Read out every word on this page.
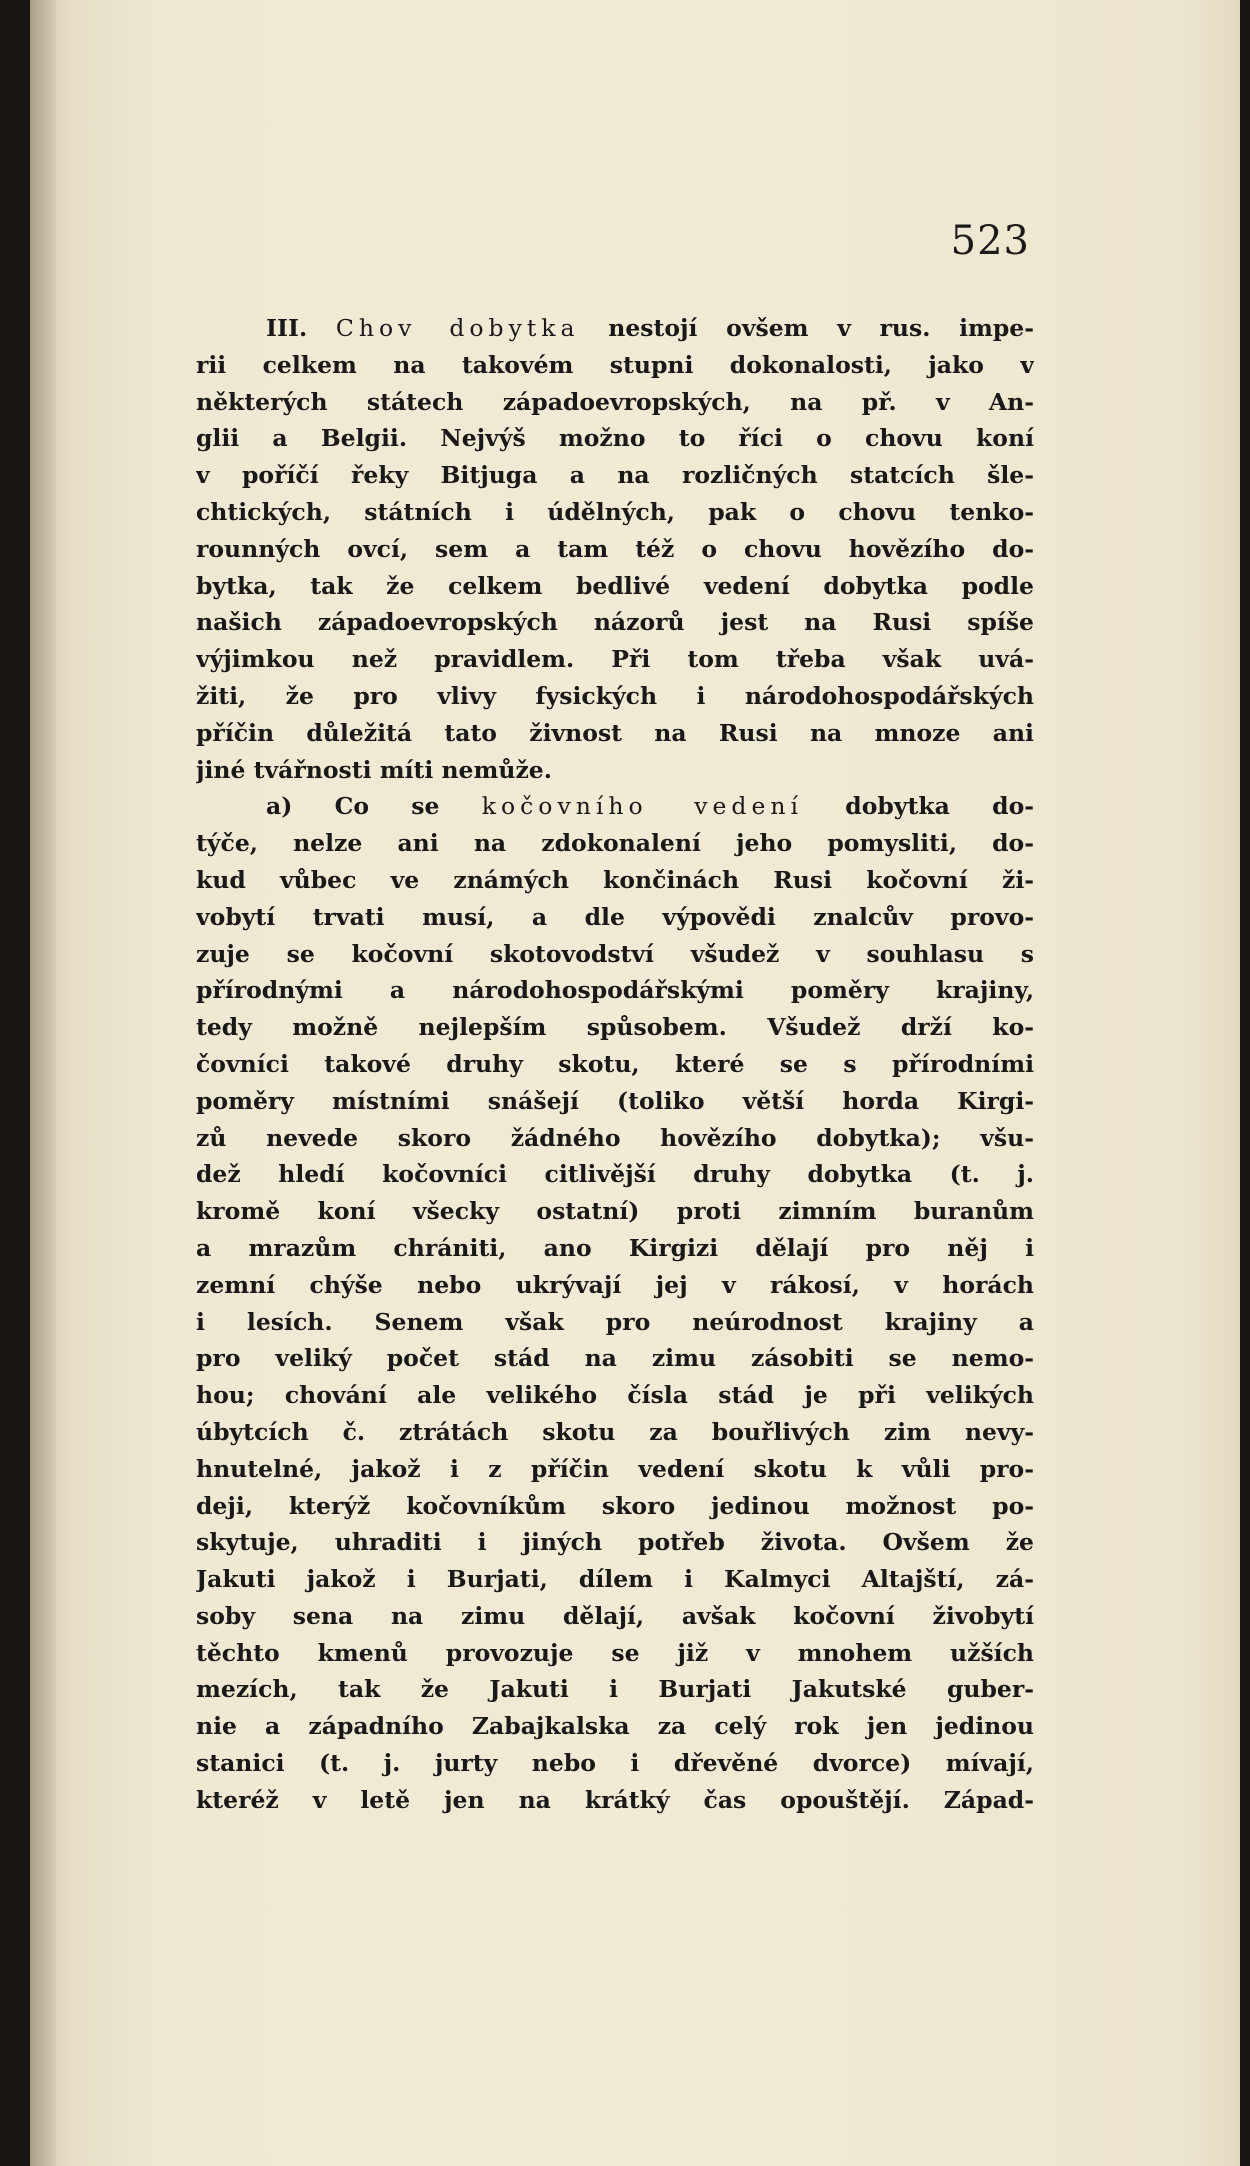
523
III. Chov dobytka nestojí ovšem v rus. impe-
rii celkem na takovém stupni dokonalosti, jako v
některých státech západoevropských, na př. v An-
glii a Belgii. Nejvýš možno to říci o chovu koní
v poříčí řeky Bitjuga a na rozličných statcích šle-
chtických, státních i údělných, pak o chovu tenko-
rounných ovcí, sem a tam též o chovu hovězího do-
bytka, tak že celkem bedlivé vedení dobytka podle
našich západoevropských názorů jest na Rusi spíše
výjimkou než pravidlem. Při tom třeba však uvá-
žiti, že pro vlivy fysických i národohospodářských
příčin důležitá tato živnost na Rusi na mnoze ani
jiné tvářnosti míti nemůže.
a) Co se kočovního vedení dobytka do-
týče, nelze ani na zdokonalení jeho pomysliti, do-
kud vůbec ve známých končinách Rusi kočovní ži-
vobytí trvati musí, a dle výpovědi znalcův provo-
zuje se kočovní skotovodství všudež v souhlasu s
přírodnými a národohospodářskými poměry krajiny,
tedy možně nejlepším spůsobem. Všudež drží ko-
čovníci takové druhy skotu, které se s přírodními
poměry místními snášejí (toliko větší horda Kirgi-
zů nevede skoro žádného hovězího dobytka); všu-
dež hledí kočovníci citlivější druhy dobytka (t. j.
kromě koní všecky ostatní) proti zimním buranům
a mrazům chrániti, ano Kirgizi dělají pro něj i
zemní chýše nebo ukrývají jej v rákosí, v horách
i lesích. Senem však pro neúrodnost krajiny a
pro veliký počet stád na zimu zásobiti se nemo-
hou; chování ale velikého čísla stád je při velikých
úbytcích č. ztrátách skotu za bouřlivých zim nevy-
hnutelné, jakož i z příčin vedení skotu k vůli pro-
deji, kterýž kočovníkům skoro jedinou možnost po-
skytuje, uhraditi i jiných potřeb života. Ovšem že
Jakuti jakož i Burjati, dílem i Kalmyci Altajští, zá-
soby sena na zimu dělají, avšak kočovní živobytí
těchto kmenů provozuje se již v mnohem užších
mezích, tak že Jakuti i Burjati Jakutské guber-
nie a západního Zabajkalska za celý rok jen jedinou
stanici (t. j. jurty nebo i dřevěné dvorce) mívají,
kteréž v letě jen na krátký čas opouštějí. Západ-
